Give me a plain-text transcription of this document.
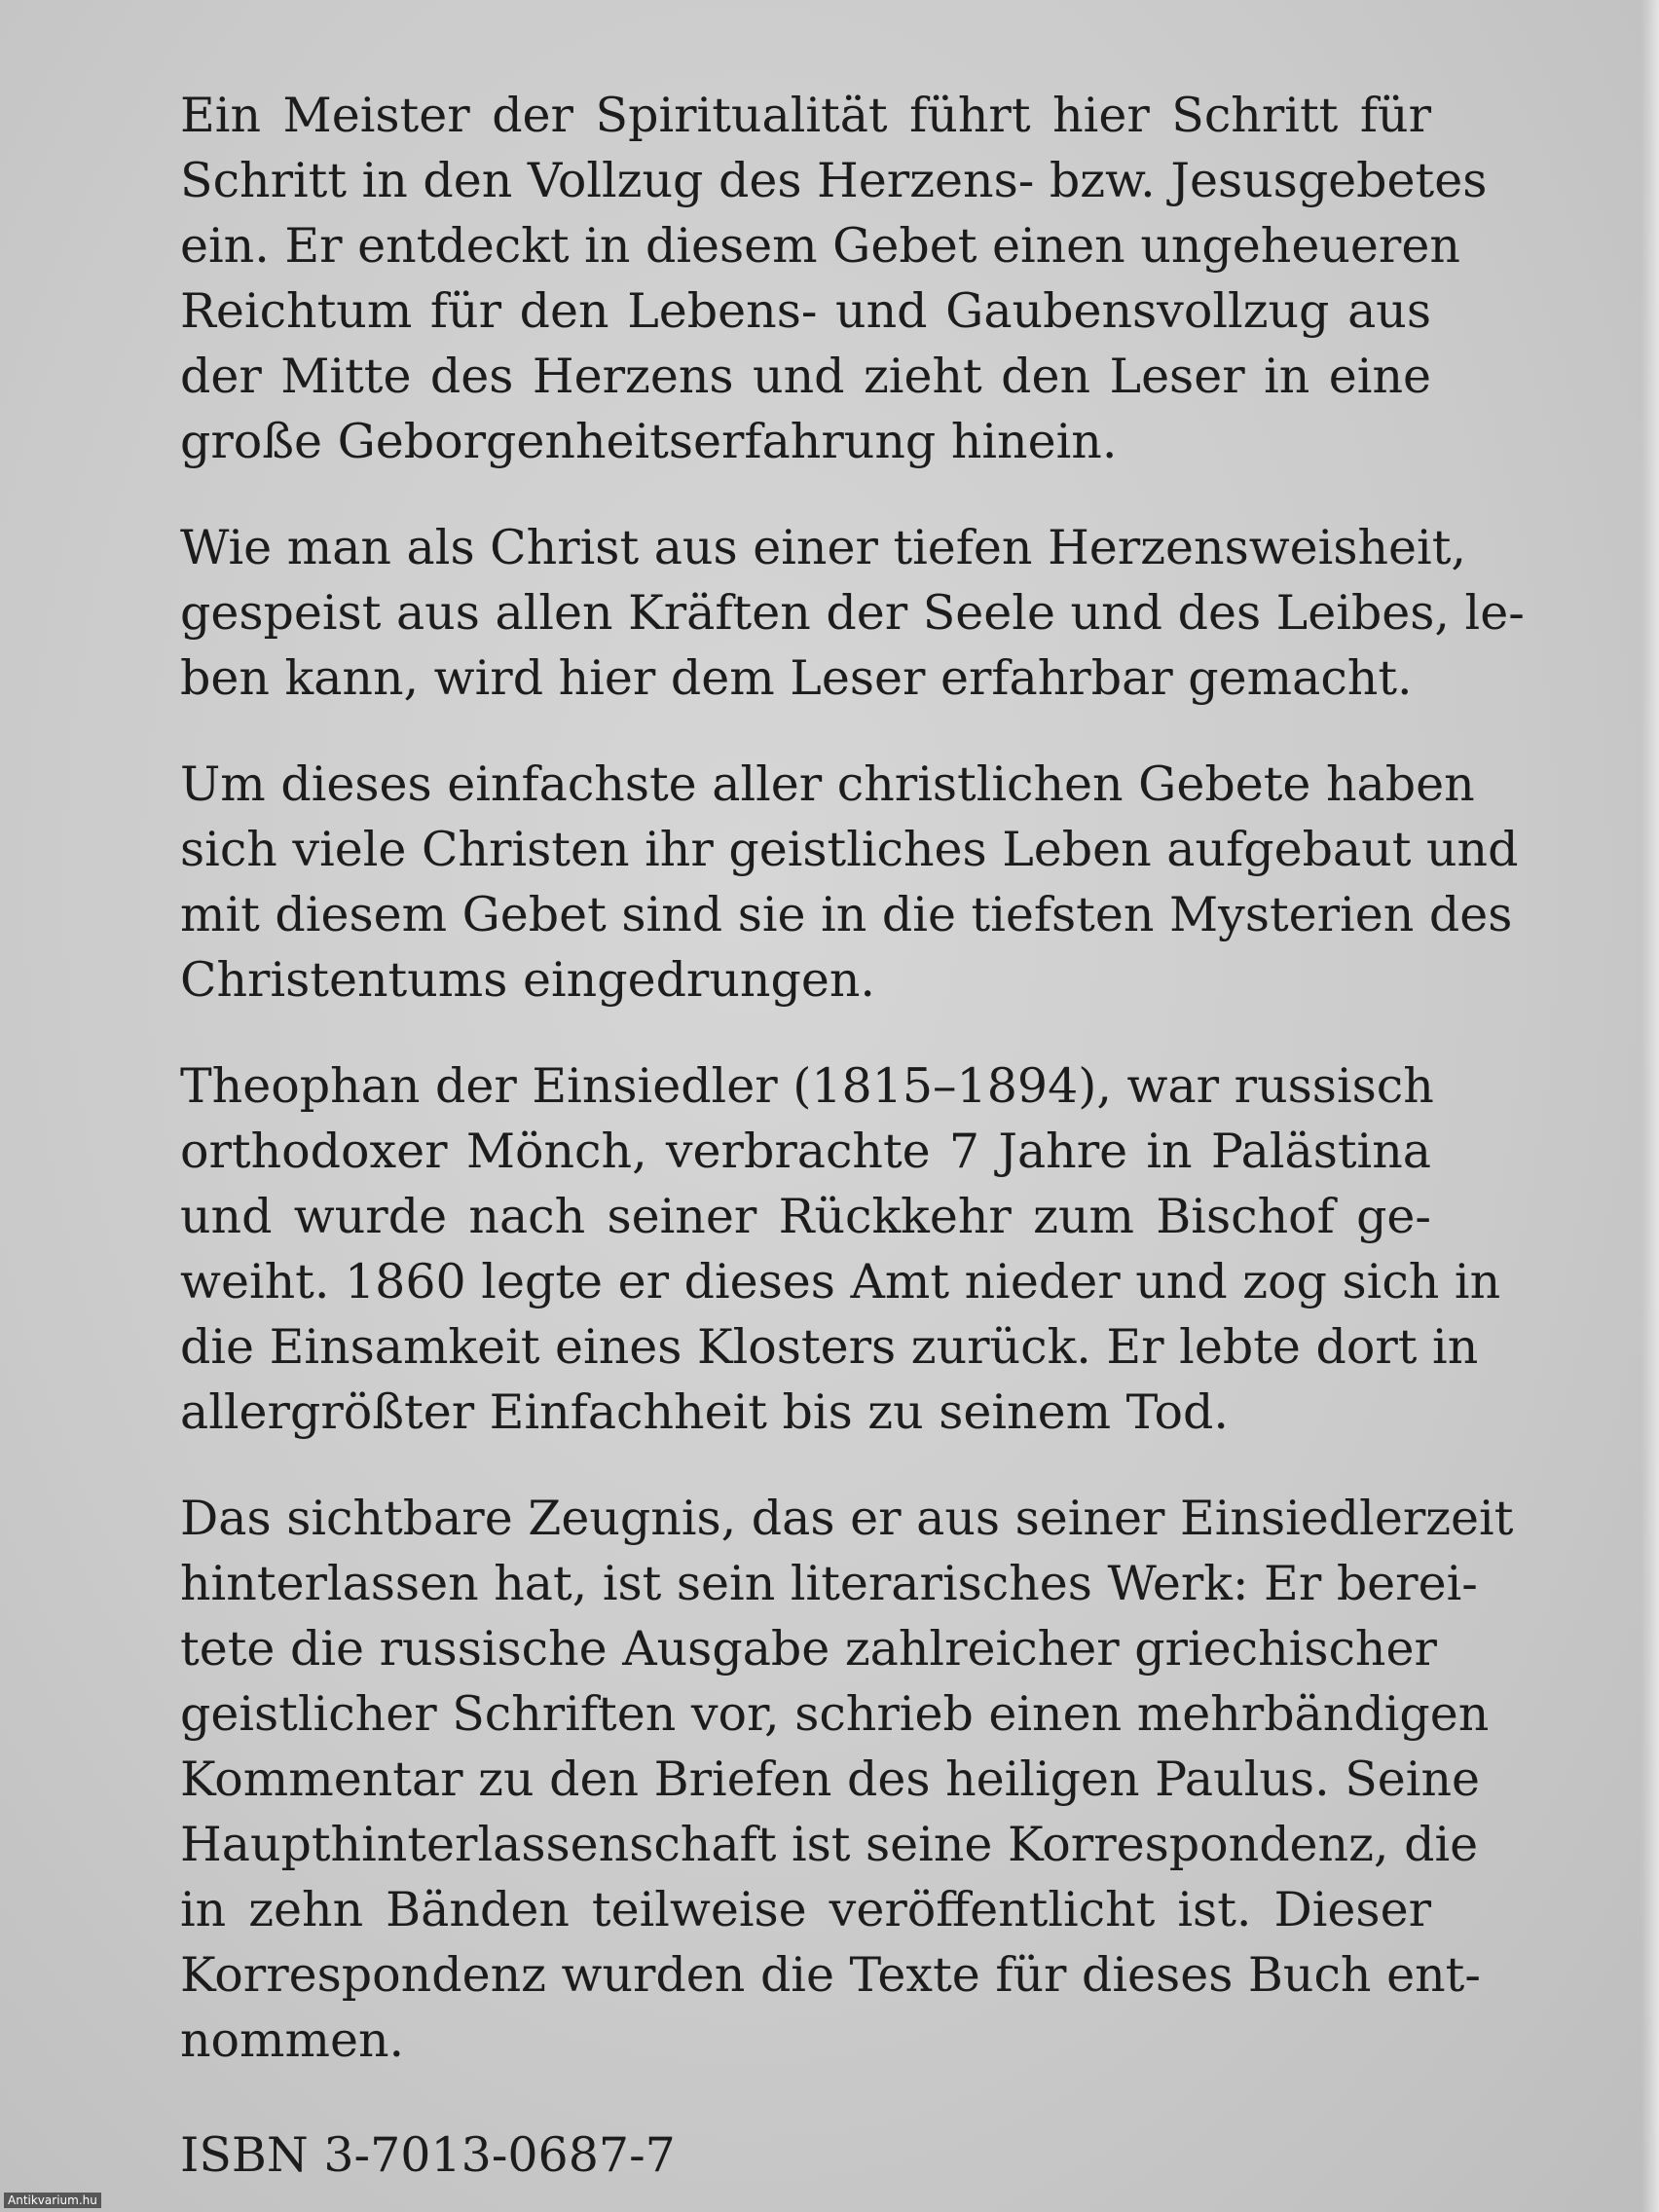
Ein Meister der Spiritualität führt hier Schritt für
Schritt in den Vollzug des Herzens- bzw. Jesusgebetes
ein. Er entdeckt in diesem Gebet einen ungeheueren
Reichtum für den Lebens- und Gaubensvollzug aus
der Mitte des Herzens und zieht den Leser in eine
große Geborgenheitserfahrung hinein.

Wie man als Christ aus einer tiefen Herzensweisheit,
gespeist aus allen Kräften der Seele und des Leibes, le-
ben kann, wird hier dem Leser erfahrbar gemacht.

Um dieses einfachste aller christlichen Gebete haben
sich viele Christen ihr geistliches Leben aufgebaut und
mit diesem Gebet sind sie in die tiefsten Mysterien des
Christentums eingedrungen.

Theophan der Einsiedler (1815–1894), war russisch
orthodoxer Mönch, verbrachte 7 Jahre in Palästina
und wurde nach seiner Rückkehr zum Bischof ge-
weiht. 1860 legte er dieses Amt nieder und zog sich in
die Einsamkeit eines Klosters zurück. Er lebte dort in
allergrößter Einfachheit bis zu seinem Tod.

Das sichtbare Zeugnis, das er aus seiner Einsiedlerzeit
hinterlassen hat, ist sein literarisches Werk: Er berei-
tete die russische Ausgabe zahlreicher griechischer
geistlicher Schriften vor, schrieb einen mehrbändigen
Kommentar zu den Briefen des heiligen Paulus. Seine
Haupthinterlassenschaft ist seine Korrespondenz, die
in zehn Bänden teilweise veröffentlicht ist. Dieser
Korrespondenz wurden die Texte für dieses Buch ent-
nommen.

ISBN 3-7013-0687-7
Antikvarium.hu
